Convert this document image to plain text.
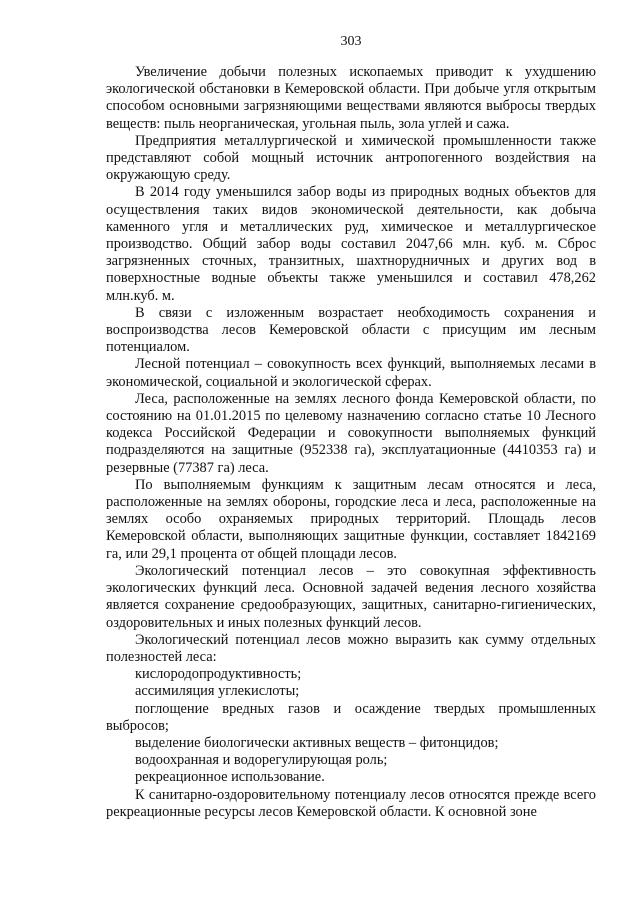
303

Увеличение добычи полезных ископаемых приводит к ухудшению экологической обстановки в Кемеровской области. При добыче угля открытым способом основными загрязняющими веществами являются выбросы твердых веществ: пыль неорганическая, угольная пыль, зола углей и сажа.

Предприятия металлургической и химической промышленности также представляют собой мощный источник антропогенного воздействия на окружающую среду.

В 2014 году уменьшился забор воды из природных водных объектов для осуществления таких видов экономической деятельности, как добыча каменного угля и металлических руд, химическое и металлургическое производство. Общий забор воды составил 2047,66 млн. куб. м. Сброс загрязненных сточных, транзитных, шахтнорудничных и других вод в поверхностные водные объекты также уменьшился и составил 478,262 млн.куб. м.

В связи с изложенным возрастает необходимость сохранения и воспроизводства лесов Кемеровской области с присущим им лесным потенциалом.

Лесной потенциал – совокупность всех функций, выполняемых лесами в экономической, социальной и экологической сферах.

Леса, расположенные на землях лесного фонда Кемеровской области, по состоянию на 01.01.2015 по целевому назначению согласно статье 10 Лесного кодекса Российской Федерации и совокупности выполняемых функций подразделяются на защитные (952338 га), эксплуатационные (4410353 га) и резервные (77387 га) леса.

По выполняемым функциям к защитным лесам относятся и леса, расположенные на землях обороны, городские леса и леса, расположенные на землях особо охраняемых природных территорий. Площадь лесов Кемеровской области, выполняющих защитные функции, составляет 1842169 га, или 29,1 процента от общей площади лесов.

Экологический потенциал лесов – это совокупная эффективность экологических функций леса. Основной задачей ведения лесного хозяйства является сохранение средообразующих, защитных, санитарно-гигиенических, оздоровительных и иных полезных функций лесов.

Экологический потенциал лесов можно выразить как сумму отдельных полезностей леса:

кислородопродуктивность;

ассимиляция углекислоты;

поглощение вредных газов и осаждение твердых промышленных выбросов;

выделение биологически активных веществ – фитонцидов;

водоохранная и водорегулирующая роль;

рекреационное использование.

К санитарно-оздоровительному потенциалу лесов относятся прежде всего рекреационные ресурсы лесов Кемеровской области. К основной зоне
